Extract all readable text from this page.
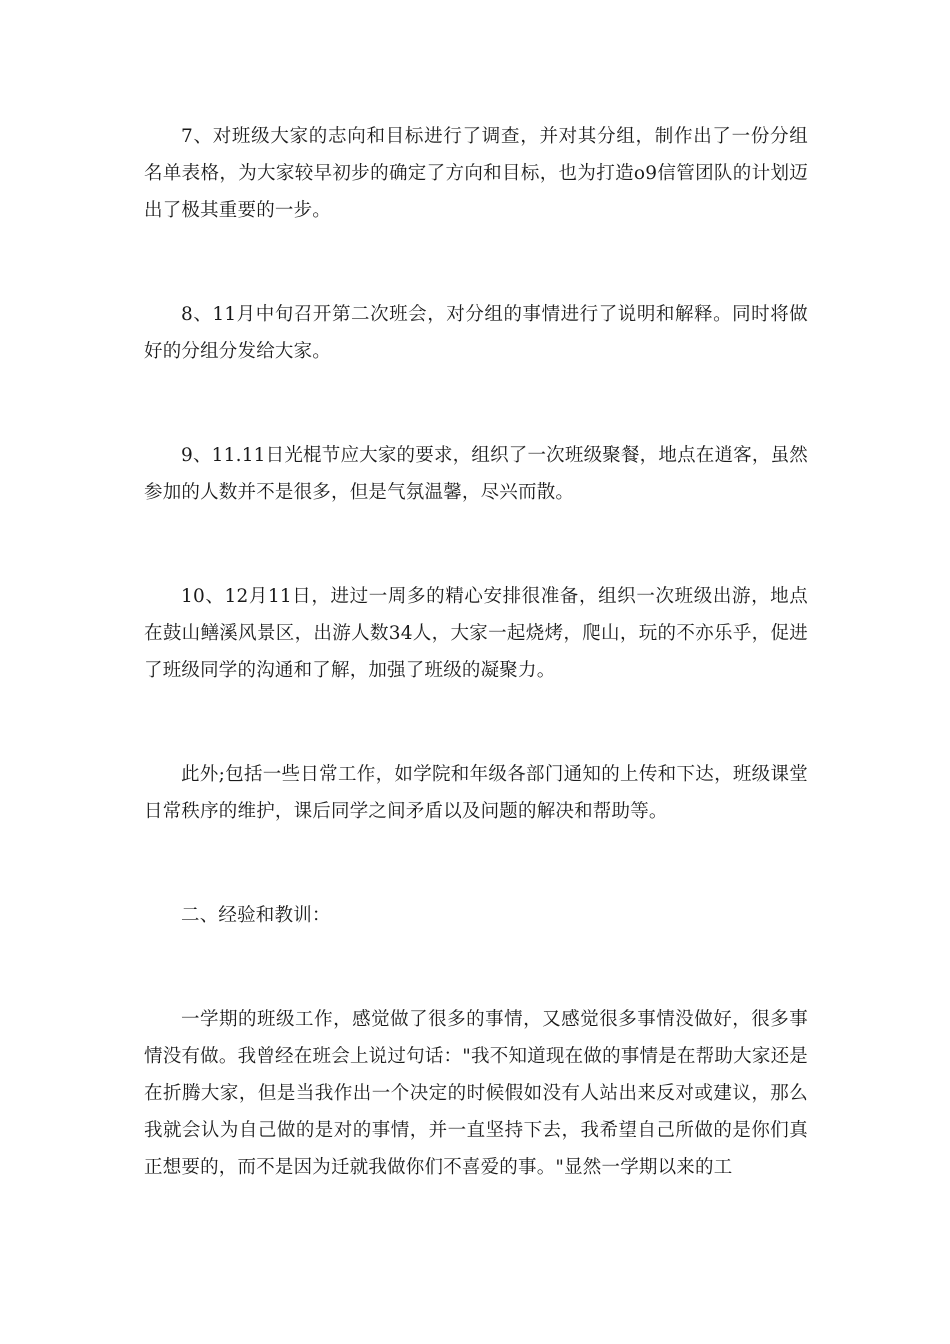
7、对班级大家的志向和目标进行了调查，并对其分组，制作出了一份分组名单表格，为大家较早初步的确定了方向和目标，也为打造o9信管团队的计划迈出了极其重要的一步。

8、11月中旬召开第二次班会，对分组的事情进行了说明和解释。同时将做好的分组分发给大家。

9、11.11日光棍节应大家的要求，组织了一次班级聚餐，地点在逍客，虽然参加的人数并不是很多，但是气氛温馨，尽兴而散。

10、12月11日，进过一周多的精心安排很准备，组织一次班级出游，地点在鼓山鳝溪风景区，出游人数34人，大家一起烧烤，爬山，玩的不亦乐乎，促进了班级同学的沟通和了解，加强了班级的凝聚力。

此外;包括一些日常工作，如学院和年级各部门通知的上传和下达，班级课堂日常秩序的维护，课后同学之间矛盾以及问题的解决和帮助等。

二、经验和教训：

一学期的班级工作，感觉做了很多的事情，又感觉很多事情没做好，很多事情没有做。我曾经在班会上说过句话："我不知道现在做的事情是在帮助大家还是在折腾大家，但是当我作出一个决定的时候假如没有人站出来反对或建议，那么我就会认为自己做的是对的事情，并一直坚持下去，我希望自己所做的是你们真正想要的，而不是因为迁就我做你们不喜爱的事。"显然一学期以来的工
